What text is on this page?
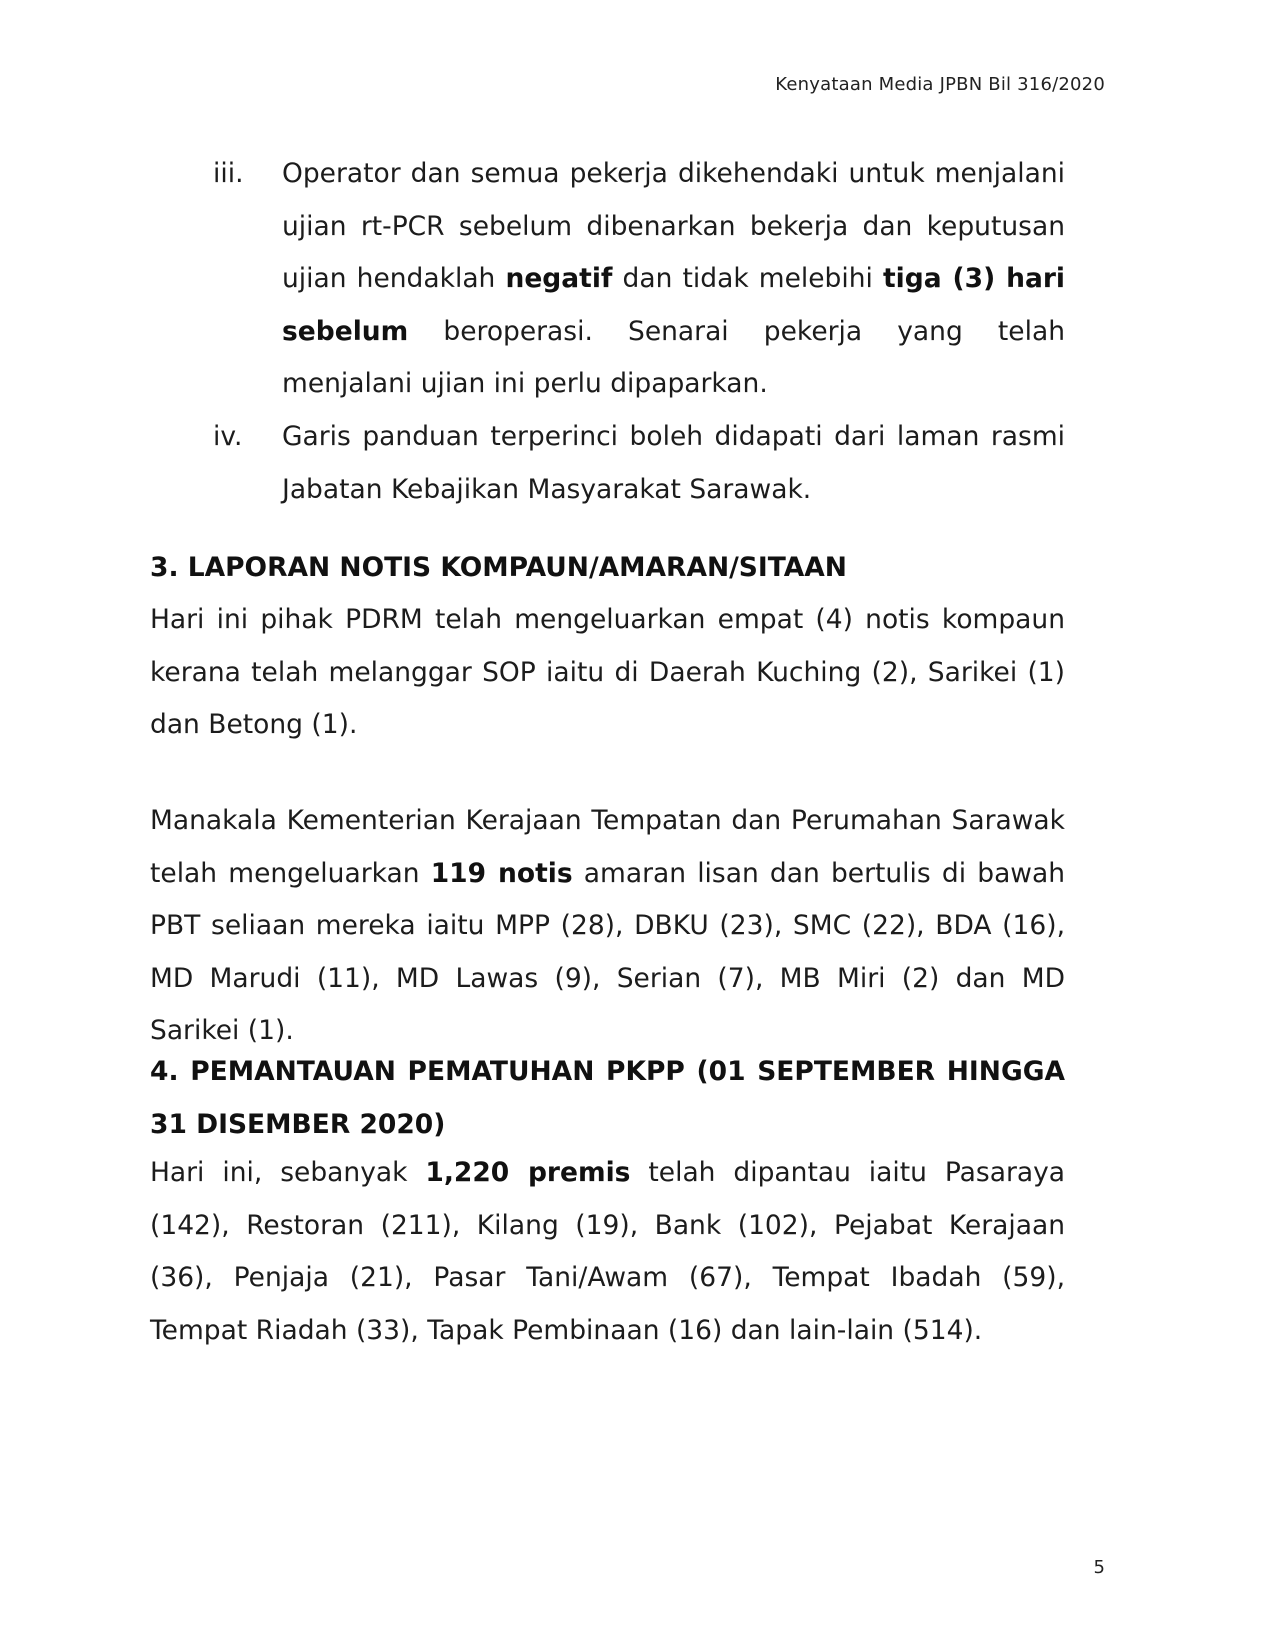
Kenyataan Media JPBN Bil 316/2020
iii. Operator dan semua pekerja dikehendaki untuk menjalani ujian rt-PCR sebelum dibenarkan bekerja dan keputusan ujian hendaklah negatif dan tidak melebihi tiga (3) hari sebelum beroperasi. Senarai pekerja yang telah menjalani ujian ini perlu dipaparkan.
iv. Garis panduan terperinci boleh didapati dari laman rasmi Jabatan Kebajikan Masyarakat Sarawak.
3. LAPORAN NOTIS KOMPAUN/AMARAN/SITAAN

Hari ini pihak PDRM telah mengeluarkan empat (4) notis kompaun kerana telah melanggar SOP iaitu di Daerah Kuching (2), Sarikei (1) dan Betong (1).

Manakala Kementerian Kerajaan Tempatan dan Perumahan Sarawak telah mengeluarkan 119 notis amaran lisan dan bertulis di bawah PBT seliaan mereka iaitu MPP (28), DBKU (23), SMC (22), BDA (16), MD Marudi (11), MD Lawas (9), Serian (7), MB Miri (2) dan MD Sarikei (1).

4. PEMANTAUAN PEMATUHAN PKPP (01 SEPTEMBER HINGGA 31 DISEMBER 2020)

Hari ini, sebanyak 1,220 premis telah dipantau iaitu Pasaraya (142), Restoran (211), Kilang (19), Bank (102), Pejabat Kerajaan (36), Penjaja (21), Pasar Tani/Awam (67), Tempat Ibadah (59), Tempat Riadah (33), Tapak Pembinaan (16) dan lain-lain (514).

5
